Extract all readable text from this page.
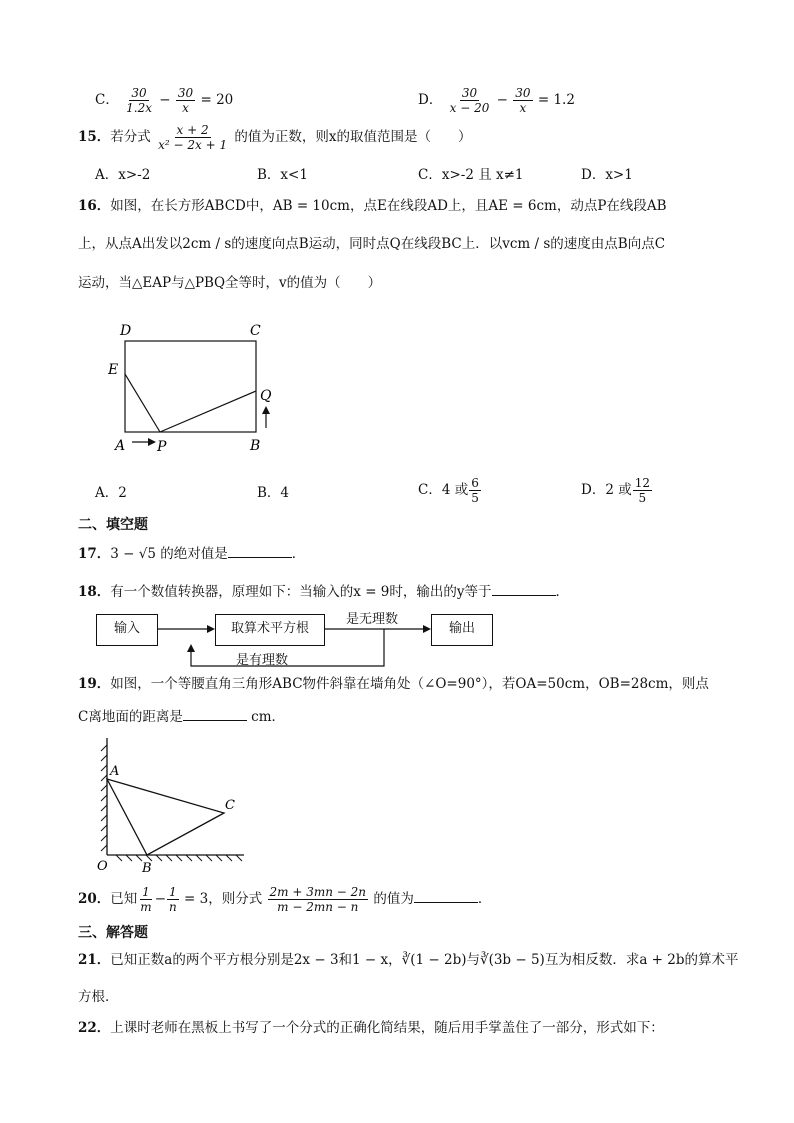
C． $\frac{30}{1.2x} - \frac{30}{x} = 20$	D． $\frac{30}{x - 20} - \frac{30}{x} = 1.2$
15．若分式 $\frac{x + 2}{\text{x² − 2x + 1}}$ 的值为正数，则x的取值范围是（　　）
A．x>-2	B．x<1	C．x>-2 且 x≠1	D．x>1
16．如图，在长方形ABCD中，AB = 10cm，点E在线段AD上，且AE = 6cm，动点P在线段AB
上，从点A出发以2cm / s的速度向点B运动，同时点Q在线段BC上．以vcm / s的速度由点B向点C
运动，当△EAP与△PBQ全等时，v的值为（　　）
D	C
E
Q
A P	B
A．2	B．4	C．4 或 $\frac{6}{5}$	D．2 或 $\frac{12}{5}$
二、填空题
17．3 − √5 的绝对值是	．
18．有一个数值转换器，原理如下：当输入的x = 9时，输出的y等于	．
输入	取算术平方根	输出
是无理数
是有理数
19．如图，一个等腰直角三角形ABC物件斜靠在墙角处（∠O=90°），若OA=50cm，OB=28cm，则点
C离地面的距离是	cm．
A
C
O	B
20．已知 $\frac{1}{m} - \frac{1}{n} = 3$，则分式 $\frac{2m + 3mn - 2n}{m - 2mn - n}$ 的值为	．
三、解答题
21．已知正数a的两个平方根分别是2x − 3和1 − x，∛(1 − 2b)与∛(3b − 5)互为相反数．求a + 2b的算术平
方根．
22．上课时老师在黑板上书写了一个分式的正确化简结果，随后用手掌盖住了一部分，形式如下：
